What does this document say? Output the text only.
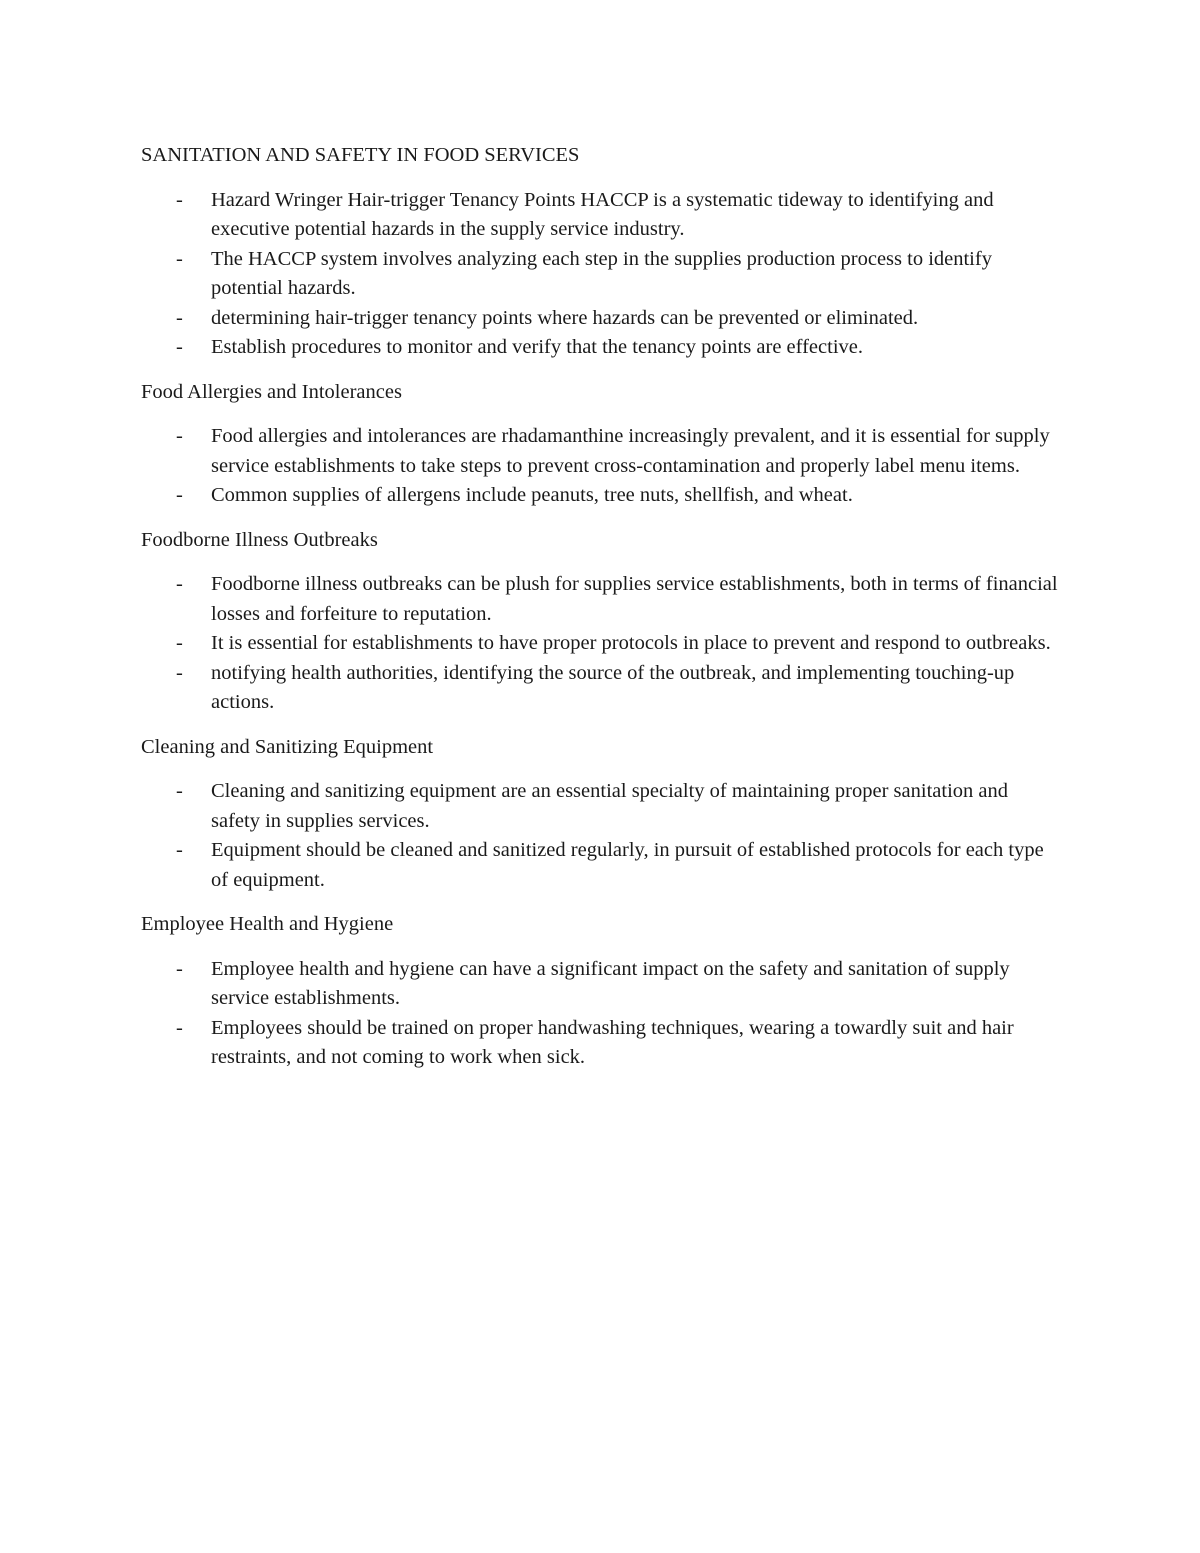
SANITATION AND SAFETY IN FOOD SERVICES

- Hazard Wringer Hair-trigger Tenancy Points HACCP is a systematic tideway to identifying and executive potential hazards in the supply service industry.
- The HACCP system involves analyzing each step in the supplies production process to identify potential hazards.
- determining hair-trigger tenancy points where hazards can be prevented or eliminated.
- Establish procedures to monitor and verify that the tenancy points are effective.

Food Allergies and Intolerances

- Food allergies and intolerances are rhadamanthine increasingly prevalent, and it is essential for supply service establishments to take steps to prevent cross-contamination and properly label menu items.
- Common supplies of allergens include peanuts, tree nuts, shellfish, and wheat.

Foodborne Illness Outbreaks

- Foodborne illness outbreaks can be plush for supplies service establishments, both in terms of financial losses and forfeiture to reputation.
- It is essential for establishments to have proper protocols in place to prevent and respond to outbreaks.
- notifying health authorities, identifying the source of the outbreak, and implementing touching-up actions.

Cleaning and Sanitizing Equipment

- Cleaning and sanitizing equipment are an essential specialty of maintaining proper sanitation and safety in supplies services.
- Equipment should be cleaned and sanitized regularly, in pursuit of established protocols for each type of equipment.

Employee Health and Hygiene

- Employee health and hygiene can have a significant impact on the safety and sanitation of supply service establishments.
- Employees should be trained on proper handwashing techniques, wearing a towardly suit and hair restraints, and not coming to work when sick.
